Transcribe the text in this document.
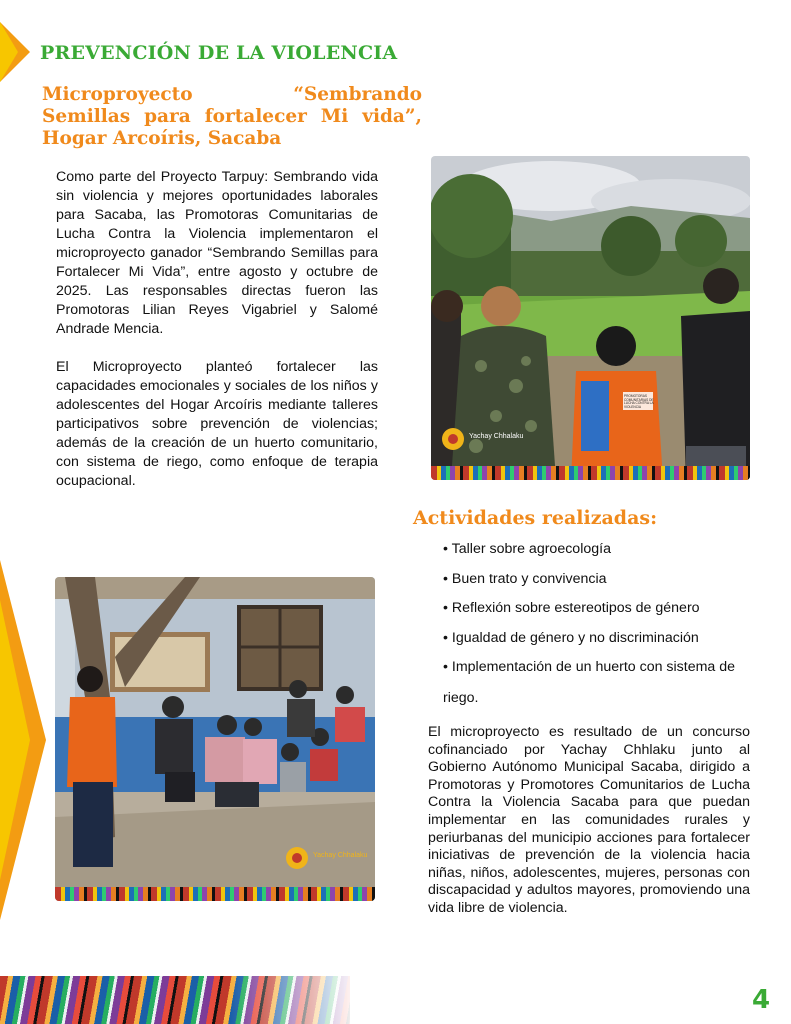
PREVENCIÓN DE LA VIOLENCIA
Microproyecto “Sembrando Semillas para fortalecer Mi vida”, Hogar Arcoíris, Sacaba

Como parte del Proyecto Tarpuy: Sembrando vida sin violencia y mejores oportunidades laborales para Sacaba, las Promotoras Comunitarias de Lucha Contra la Violencia implementaron el microproyecto ganador “Sembrando Semillas para Fortalecer Mi Vida”, entre agosto y octubre de 2025. Las responsables directas fueron las Promotoras Lilian Reyes Vigabriel y Salomé Andrade Mencia.

El Microproyecto planteó fortalecer las capacidades emocionales y sociales de los niños y adolescentes del Hogar Arcoíris mediante talleres participativos sobre prevención de violencias; además de la creación de un huerto comunitario, con sistema de riego, como enfoque de terapia ocupacional.

Yachay Chhalaku
PROMOTORAS COMUNITARIAS DE LUCHA CONTRA LA VIOLENCIA
Actividades realizadas:
• Taller sobre agroecología
• Buen trato y convivencia
• Reflexión sobre estereotipos de género
• Igualdad de género y no discriminación
• Implementación de un huerto con sistema de
riego.
Yachay Chhalaku
El microproyecto es resultado de un concurso cofinanciado por Yachay Chhlaku junto al Gobierno Autónomo Municipal Sacaba, dirigido a Promotoras y Promotores Comunitarios de Lucha Contra la Violencia Sacaba para que puedan implementar en las comunidades rurales y periurbanas del municipio acciones para fortalecer iniciativas de prevención de la violencia hacia niñas, niños, adolescentes, mujeres, personas con discapacidad y adultos mayores, promoviendo una vida libre de violencia.
4
